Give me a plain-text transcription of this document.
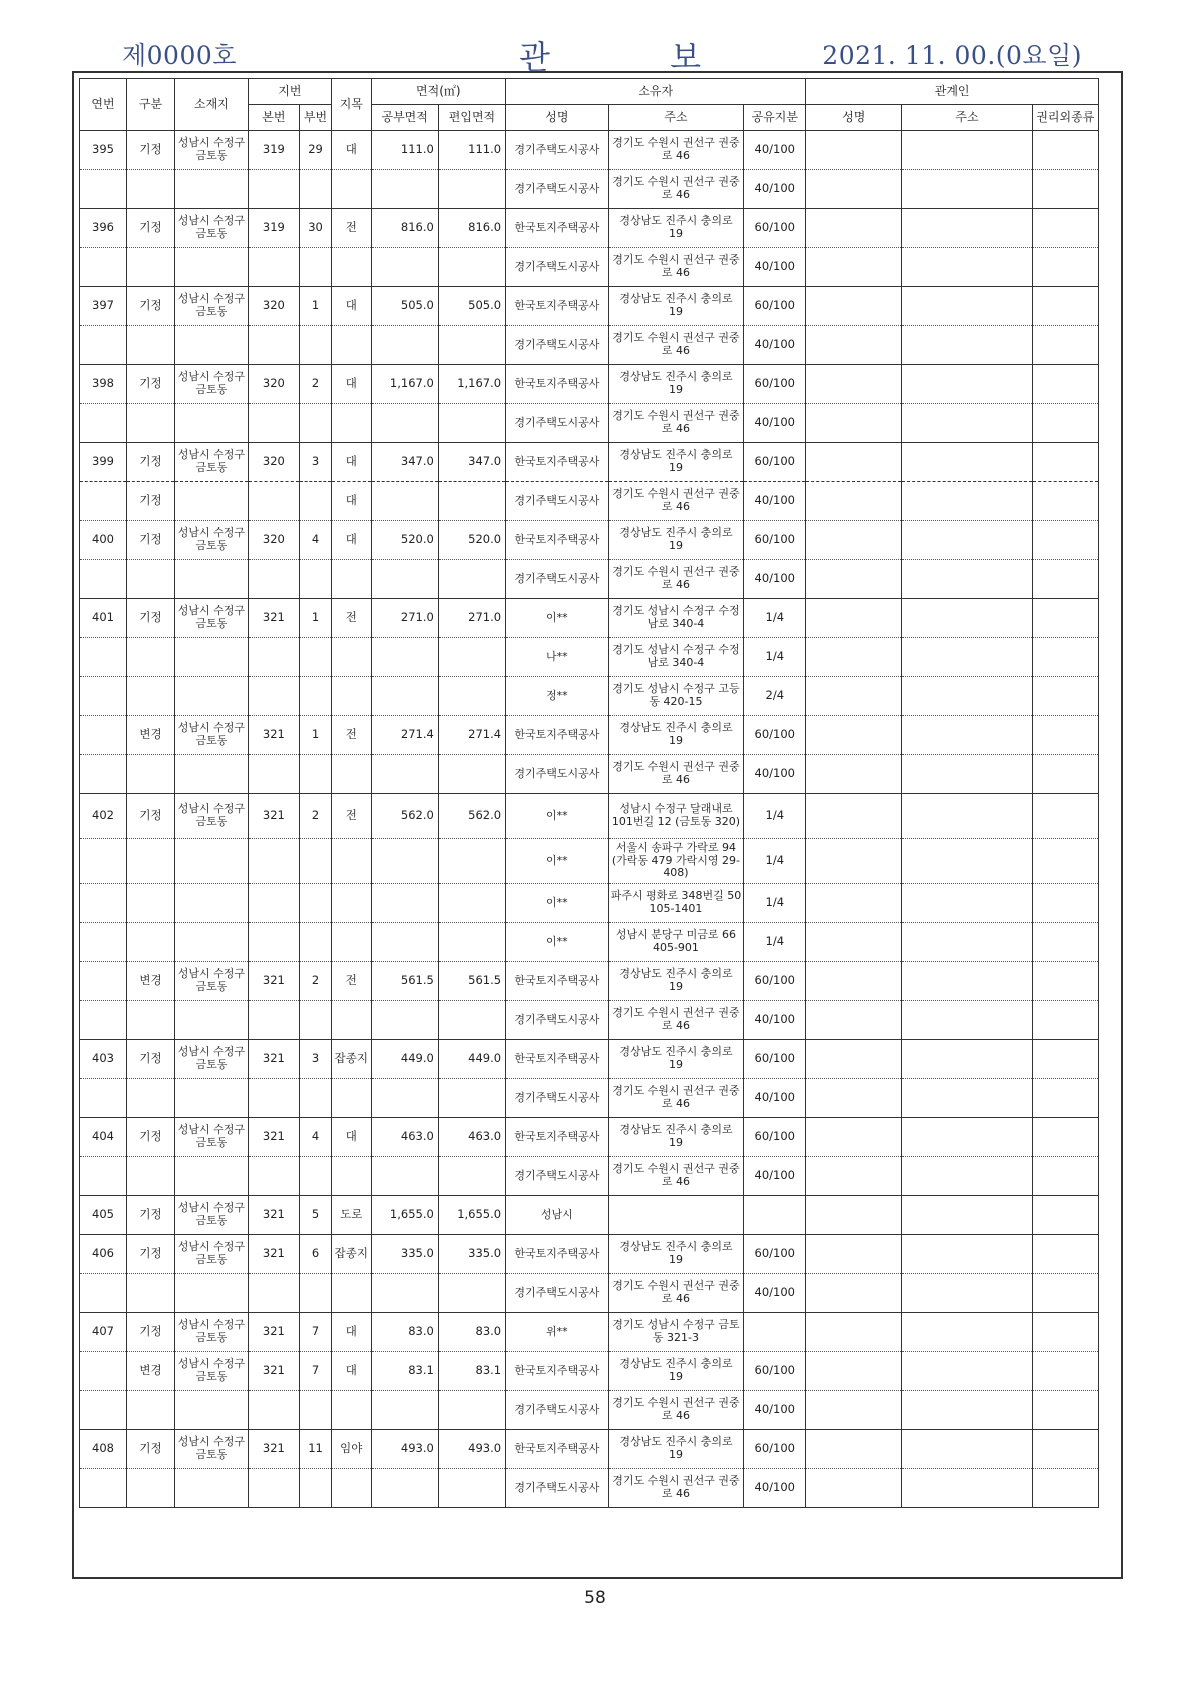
제0000호	관 보	2021. 11. 00.(0요일)
연번	구분	소재지	지번		지목	면적(㎡)		소유자			관계인		
			본번	부번		공부면적	편입면적	성명	주소	공유지분	성명	주소	권리외종류
395	기정	성남시 수정구 금토동	319	29	대	111.0	111.0	경기주택도시공사	경기도 수원시 권선구 권중로 46	40/100			
								경기주택도시공사	경기도 수원시 권선구 권중로 46	40/100			
396	기정	성남시 수정구 금토동	319	30	전	816.0	816.0	한국토지주택공사	경상남도 진주시 충의로 19	60/100			
								경기주택도시공사	경기도 수원시 권선구 권중로 46	40/100			
397	기정	성남시 수정구 금토동	320	1	대	505.0	505.0	한국토지주택공사	경상남도 진주시 충의로 19	60/100			
								경기주택도시공사	경기도 수원시 권선구 권중로 46	40/100			
398	기정	성남시 수정구 금토동	320	2	대	1,167.0	1,167.0	한국토지주택공사	경상남도 진주시 충의로 19	60/100			
								경기주택도시공사	경기도 수원시 권선구 권중로 46	40/100			
399	기정	성남시 수정구 금토동	320	3	대	347.0	347.0	한국토지주택공사	경상남도 진주시 충의로 19	60/100			
	기정				대			경기주택도시공사	경기도 수원시 권선구 권중로 46	40/100			
400	기정	성남시 수정구 금토동	320	4	대	520.0	520.0	한국토지주택공사	경상남도 진주시 충의로 19	60/100			
								경기주택도시공사	경기도 수원시 권선구 권중로 46	40/100			
401	기정	성남시 수정구 금토동	321	1	전	271.0	271.0	이**	경기도 성남시 수정구 수정남로 340-4	1/4			
								나**	경기도 성남시 수정구 수정남로 340-4	1/4			
								정**	경기도 성남시 수정구 고등동 420-15	2/4			
	변경	성남시 수정구 금토동	321	1	전	271.4	271.4	한국토지주택공사	경상남도 진주시 충의로 19	60/100			
								경기주택도시공사	경기도 수원시 권선구 권중로 46	40/100			
402	기정	성남시 수정구 금토동	321	2	전	562.0	562.0	이**	성남시 수정구 달래내로101번길 12 (금토동 320)	1/4			
								이**	서울시 송파구 가락로 94 (가락동 479 가락시영 29-408)	1/4			
								이**	파주시 평화로 348번길 50 105-1401	1/4			
								이**	성남시 분당구 미금로 66 405-901	1/4			
	변경	성남시 수정구 금토동	321	2	전	561.5	561.5	한국토지주택공사	경상남도 진주시 충의로 19	60/100			
								경기주택도시공사	경기도 수원시 권선구 권중로 46	40/100			
403	기정	성남시 수정구 금토동	321	3	잡종지	449.0	449.0	한국토지주택공사	경상남도 진주시 충의로 19	60/100			
								경기주택도시공사	경기도 수원시 권선구 권중로 46	40/100			
404	기정	성남시 수정구 금토동	321	4	대	463.0	463.0	한국토지주택공사	경상남도 진주시 충의로 19	60/100			
								경기주택도시공사	경기도 수원시 권선구 권중로 46	40/100			
405	기정	성남시 수정구 금토동	321	5	도로	1,655.0	1,655.0	성남시					
406	기정	성남시 수정구 금토동	321	6	잡종지	335.0	335.0	한국토지주택공사	경상남도 진주시 충의로 19	60/100			
								경기주택도시공사	경기도 수원시 권선구 권중로 46	40/100			
407	기정	성남시 수정구 금토동	321	7	대	83.0	83.0	위**	경기도 성남시 수정구 금토동 321-3				
	변경	성남시 수정구 금토동	321	7	대	83.1	83.1	한국토지주택공사	경상남도 진주시 충의로 19	60/100			
								경기주택도시공사	경기도 수원시 권선구 권중로 46	40/100			
408	기정	성남시 수정구 금토동	321	11	임야	493.0	493.0	한국토지주택공사	경상남도 진주시 충의로 19	60/100			
								경기주택도시공사	경기도 수원시 권선구 권중로 46	40/100			
58
